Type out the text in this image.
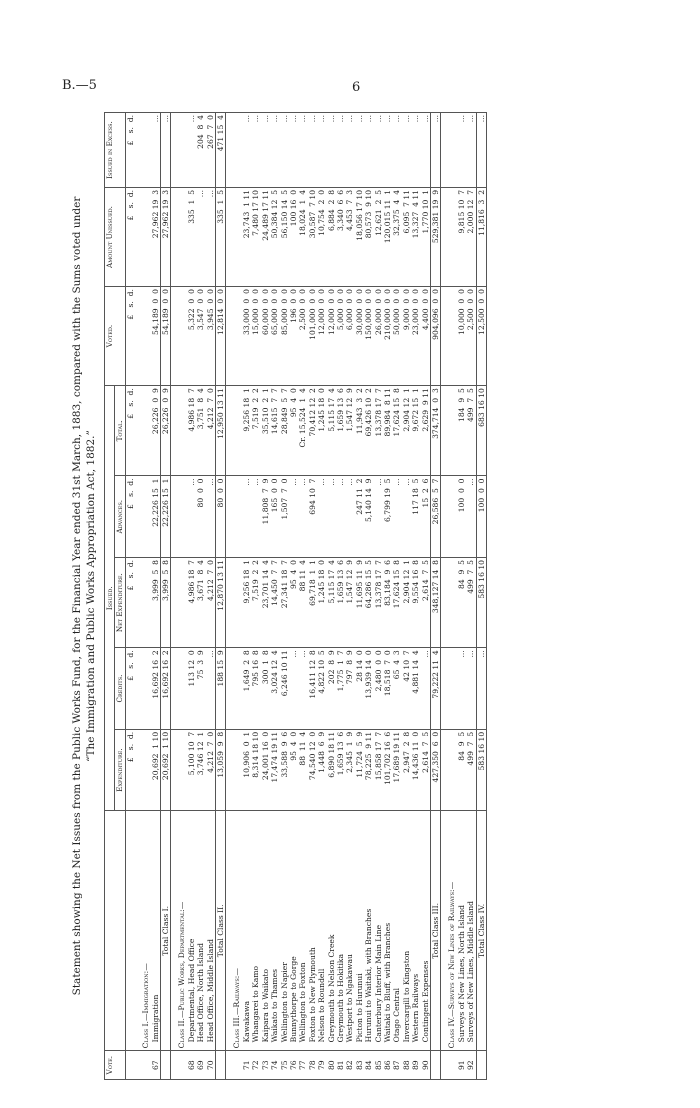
B.—5	6
Statement showing the Net Issues from the Public Works Fund, for the Financial Year ended 31st March, 1883, compared with the Sums voted under “The Immigration and Public Works Appropriation Act, 1882.”
Vote.		Issued.					Voted.	Amount Unissued.	Issued in Excess.
		Expenditure.	Credits.	Net Expenditure.	Advances.	Total.			
		£   s.  d.	£   s.  d.	£   s.  d.	£   s.  d.	£   s.  d.	£   s.  d.	£   s.  d.	£   s.  d.

	Class I.—Immigration:—								
67	Immigration	20,692  1 10	16,692 16  2	3,999  5  8	22,226 15  1	26,226  0  9	54,189  0  0	27,962 19  3	...
	Total Class I.	20,692  1 10	16,692 16  2	3,999  5  8	22,226 15  1	26,226  0  9	54,189  0  0	27,962 19  3	...

	Class II.—Public Works, Departmental:—								
68	Departmental, Head Office	5,100 10  7	113 12  0	4,986 18  7	...	4,986 18  7	5,322  0  0	335  1  5	...
69	Head Office, North Island	3,746 12  1	75  3  9	3,671  8  4	80  0  0	3,751  8  4	3,547  0  0	...	204  8  4
70	Head Office, Middle Island	4,212  7  0	...	4,212  7  0	...	4,212  7  0	3,945  0  0	...	267  7  0
	Total Class II.	13,059  9  8	188 15  9	12,870 13 11	80  0  0	12,950 13 11	12,814  0  0	335  1  5	471 15  4

	Class III.—Railways:—								
71	Kawakawa	10,906  0  1	1,649  2  8	9,256 18  1	...	9,256 18  1	33,000  0  0	23,743  1 11	...
72	Whangarei to Kamo	8,314 18 10	795 16  8	7,519  2  2	...	7,519  2  2	15,000  0  0	7,480 17 10	...
73	Kaipara to Waikato	24,001 16  0	300  1  8	23,701 14  4	11,808  7  9	35,510  2  1	60,000  0  0	24,489 17 11	...
74	Waikato to Thames	17,474 19 11	3,024 12  4	14,450  7  7	165  0  0	14,615  7  7	65,000  0  0	50,384 12  5	...
75	Wellington to Napier	33,588  9  6	6,246 10 11	27,341 18  7	1,507  7  0	28,849  5  7	85,000  0  0	56,150 14  5	...
76	Bunnythorpe to Gorge	95  4  0	...	95  4  0	...	95  4  0	196  0  0	100 16  0	...
77	Wellington to Foxton	88  11  4	...	88 11  4	...	Cr. 15,524  1  4	2,500  0  0	18,024  1  4	...
78	Foxton to New Plymouth	74,540 12  0	16,411 12  8	69,718  1  1	694 10  7	70,412 12  2	101,000  0  0	30,587  7 10	...
79	Nelson to Roundell	1,448  6  9	4,822 10  5	1,245 18  0	...	1,245 18  0	12,000  0  0	10,754  2  0	...
80	Greymouth to Nelson Creek	6,890 18 11	202  8  9	5,115 17  4	...	5,115 17  4	12,000  0  0	6,884  2  8	...
81	Greymouth to Hokitika	1,659 13  6	1,775  1  7	1,659 13  6	...	1,659 13  6	5,000  0  0	3,340  6  6	...
82	Westport to Ngakawau	2,345  1  9	797  8  9	1,547 12  9	...	1,547 12  9	6,000  0  0	4,453  7  3	...
83	Picton to Hurunui	11,724  5  9	28 14  0	11,695 11  9	247 11  2	11,943  3  2	30,000  0  0	18,056 17 10	...
84	Hurunui to Waitaki, with Branches	78,225  9 11	13,939 14  0	64,286 15  5	5,140 14  9	69,426 10  2	150,000  0  0	80,573  9 10	...
85	Canterbury Interior Main Line	15,858 17  7	2,480  0  0	13,378 17  7	...	13,378 17  7	26,000  0  0	12,621  2  5	...
86	Waitaki to Bluff, with Branches	101,702 16  6	18,518  7  0	83,184  9  6	6,799 19  5	89,984  8 11	210,000  0  0	120,015 11  1	...
87	Otago Central	17,689 19 11	65  4  3	17,624 15  8	...	17,624 15  8	50,000  0  0	32,375  4  4	...
88	Invercargill to Kingston	2,947  2  8	42 10  7	2,904 12  1	...	2,904 12  1	9,000  0  0	6,095  7 11	...
89	Western Railways	14,436 11  0	4,881 14  4	9,554 16  8	117 18  5	9,672 15  1	23,000  0  0	13,327  4 11	...
90	Contingent Expenses	2,614  7  5	...	2,614  7  5	15  2  6	2,629  9 11	4,400  0  0	1,770 10  1	...
	Total Class III.	427,350  6  0	79,222 11  4	348,127 14  8	26,586  5  7	374,714  0  3	904,096  0  0	529,381 19  9	...

	Class IV.—Surveys of New Lines of Railways:—								
91	Surveys of New Lines, North Island	84  9  5	...	84  9  5	100  0  0	184  9  5	10,000  0  0	9,815 10  7	...
92	Surveys of New Lines, Middle Island	499  7  5	...	499  7  5	...	499  7  5	2,500  0  0	2,000 12  7	...
	Total Class IV.	583 16 10	...	583 16 10	100  0  0	683 16 10	12,500  0  0	11,816  3  2	...
